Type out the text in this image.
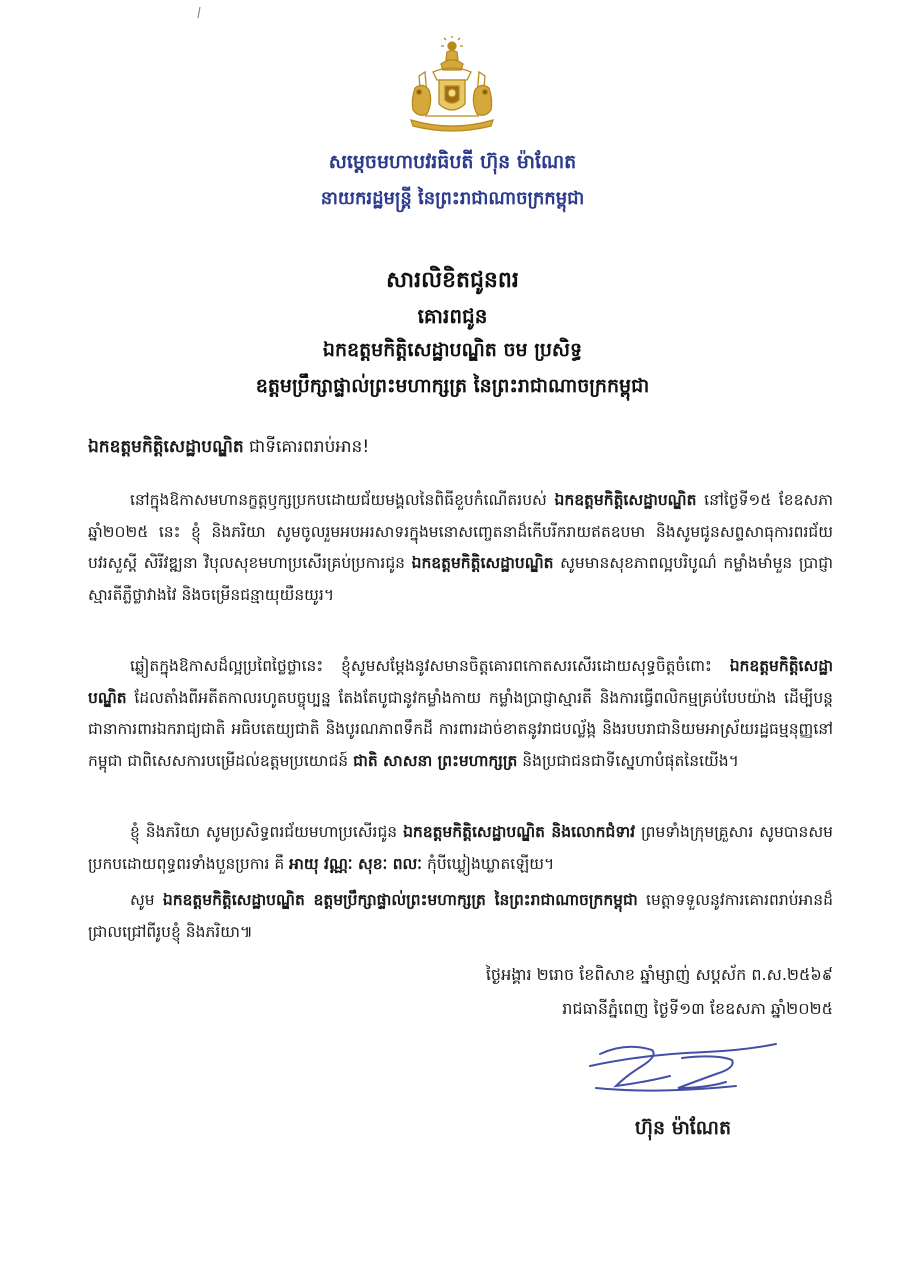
សម្តេចមហាបវរធិបតី ហ៊ុន ម៉ាណែត
នាយករដ្ឋមន្ត្រី នៃព្រះរាជាណាចក្រកម្ពុជា
សារលិខិតជូនពរ
គោរពជូន
ឯកឧត្តមកិត្តិសេដ្ឋាបណ្ឌិត ចម ប្រសិទ្ធ
ឧត្តមប្រឹក្សាផ្ទាល់ព្រះមហាក្សត្រ នៃព្រះរាជាណាចក្រកម្ពុជា
ឯកឧត្តមកិត្តិសេដ្ឋាបណ្ឌិត ជាទីគោរពរាប់អាន!
នៅក្នុងឱកាសមហានក្ខត្តឫក្សប្រកបដោយជ័យមង្គលនៃពិធីខួបកំណើតរបស់ ឯកឧត្តមកិត្តិសេដ្ឋាបណ្ឌិត នៅថ្ងៃទី១៥ ខែឧសភា ឆ្នាំ២០២៥ នេះ ខ្ញុំ និងភរិយា សូមចូលរួមអបអរសាទរក្នុងមនោសញ្ចេតនាដ៏កើបរីករាយឥតឧបមា និងសូមជូនសព្ទសាធុការពរជ័យ បវរសួស្តី សិរីវឌ្ឍនា វិបុលសុខមហាប្រសើរគ្រប់ប្រការជូន ឯកឧត្តមកិត្តិសេដ្ឋាបណ្ឌិត សូមមានសុខភាពល្អបរិបូណ៌ កម្លាំងមាំមួន ប្រាជ្ញាស្មារតីភ្លឺថ្លាវាងវៃ និងចម្រើនជន្មាយុយឺនយូរ។
ឆ្លៀតក្នុងឱកាសដ៏ល្អប្រពៃថ្លៃថ្លានេះ ខ្ញុំសូមសម្តែងនូវសមានចិត្តគោរពកោតសរសើរដោយសុទ្ធចិត្តចំពោះ ឯកឧត្តមកិត្តិសេដ្ឋាបណ្ឌិត ដែលតាំងពីអតីតកាលរហូតបច្ចុប្បន្ន តែងតែបូជានូវកម្លាំងកាយ កម្លាំងប្រាជ្ញាស្មារតី និងការធ្វើពលិកម្មគ្រប់បែបយ៉ាង ដើម្បីបន្តជានាការពារឯករាជ្យជាតិ អធិបតេយ្យជាតិ និងបូរណភាពទឹកដី ការពារដាច់ខាតនូវរាជបល្ល័ង្ក និងរបបរាជានិយមអាស្រ័យរដ្ឋធម្មនុញ្ញនៅកម្ពុជា ជាពិសេសការបម្រើដល់ឧត្តមប្រយោជន៍ ជាតិ សាសនា ព្រះមហាក្សត្រ និងប្រជាជនជាទីស្នេហាបំផុតនៃយើង។
ខ្ញុំ និងភរិយា សូមប្រសិទ្ធពរជ័យមហាប្រសើរជូន ឯកឧត្តមកិត្តិសេដ្ឋាបណ្ឌិត និងលោកជំទាវ ព្រមទាំងក្រុមគ្រួសារ សូមបានសមប្រកបដោយពុទ្ធពរទាំងបួនប្រការ គឺ អាយុ វណ្ណៈ សុខៈ ពលៈ កុំបីឃ្លៀងឃ្លាតឡើយ។
សូម ឯកឧត្តមកិត្តិសេដ្ឋាបណ្ឌិត ឧត្តមប្រឹក្សាផ្ទាល់ព្រះមហាក្សត្រ នៃព្រះរាជាណាចក្រកម្ពុជា មេត្តាទទួលនូវការគោរពរាប់អានដ៏ជ្រាលជ្រៅពីរូបខ្ញុំ និងភរិយា៕
ថ្ងៃអង្គារ ២រោច ខែពិសាខ ឆ្នាំម្សាញ់ សប្តស័ក ព.ស.២៥៦៩
រាជធានីភ្នំពេញ ថ្ងៃទី១៣ ខែឧសភា ឆ្នាំ២០២៥
ហ៊ុន ម៉ាណែត
